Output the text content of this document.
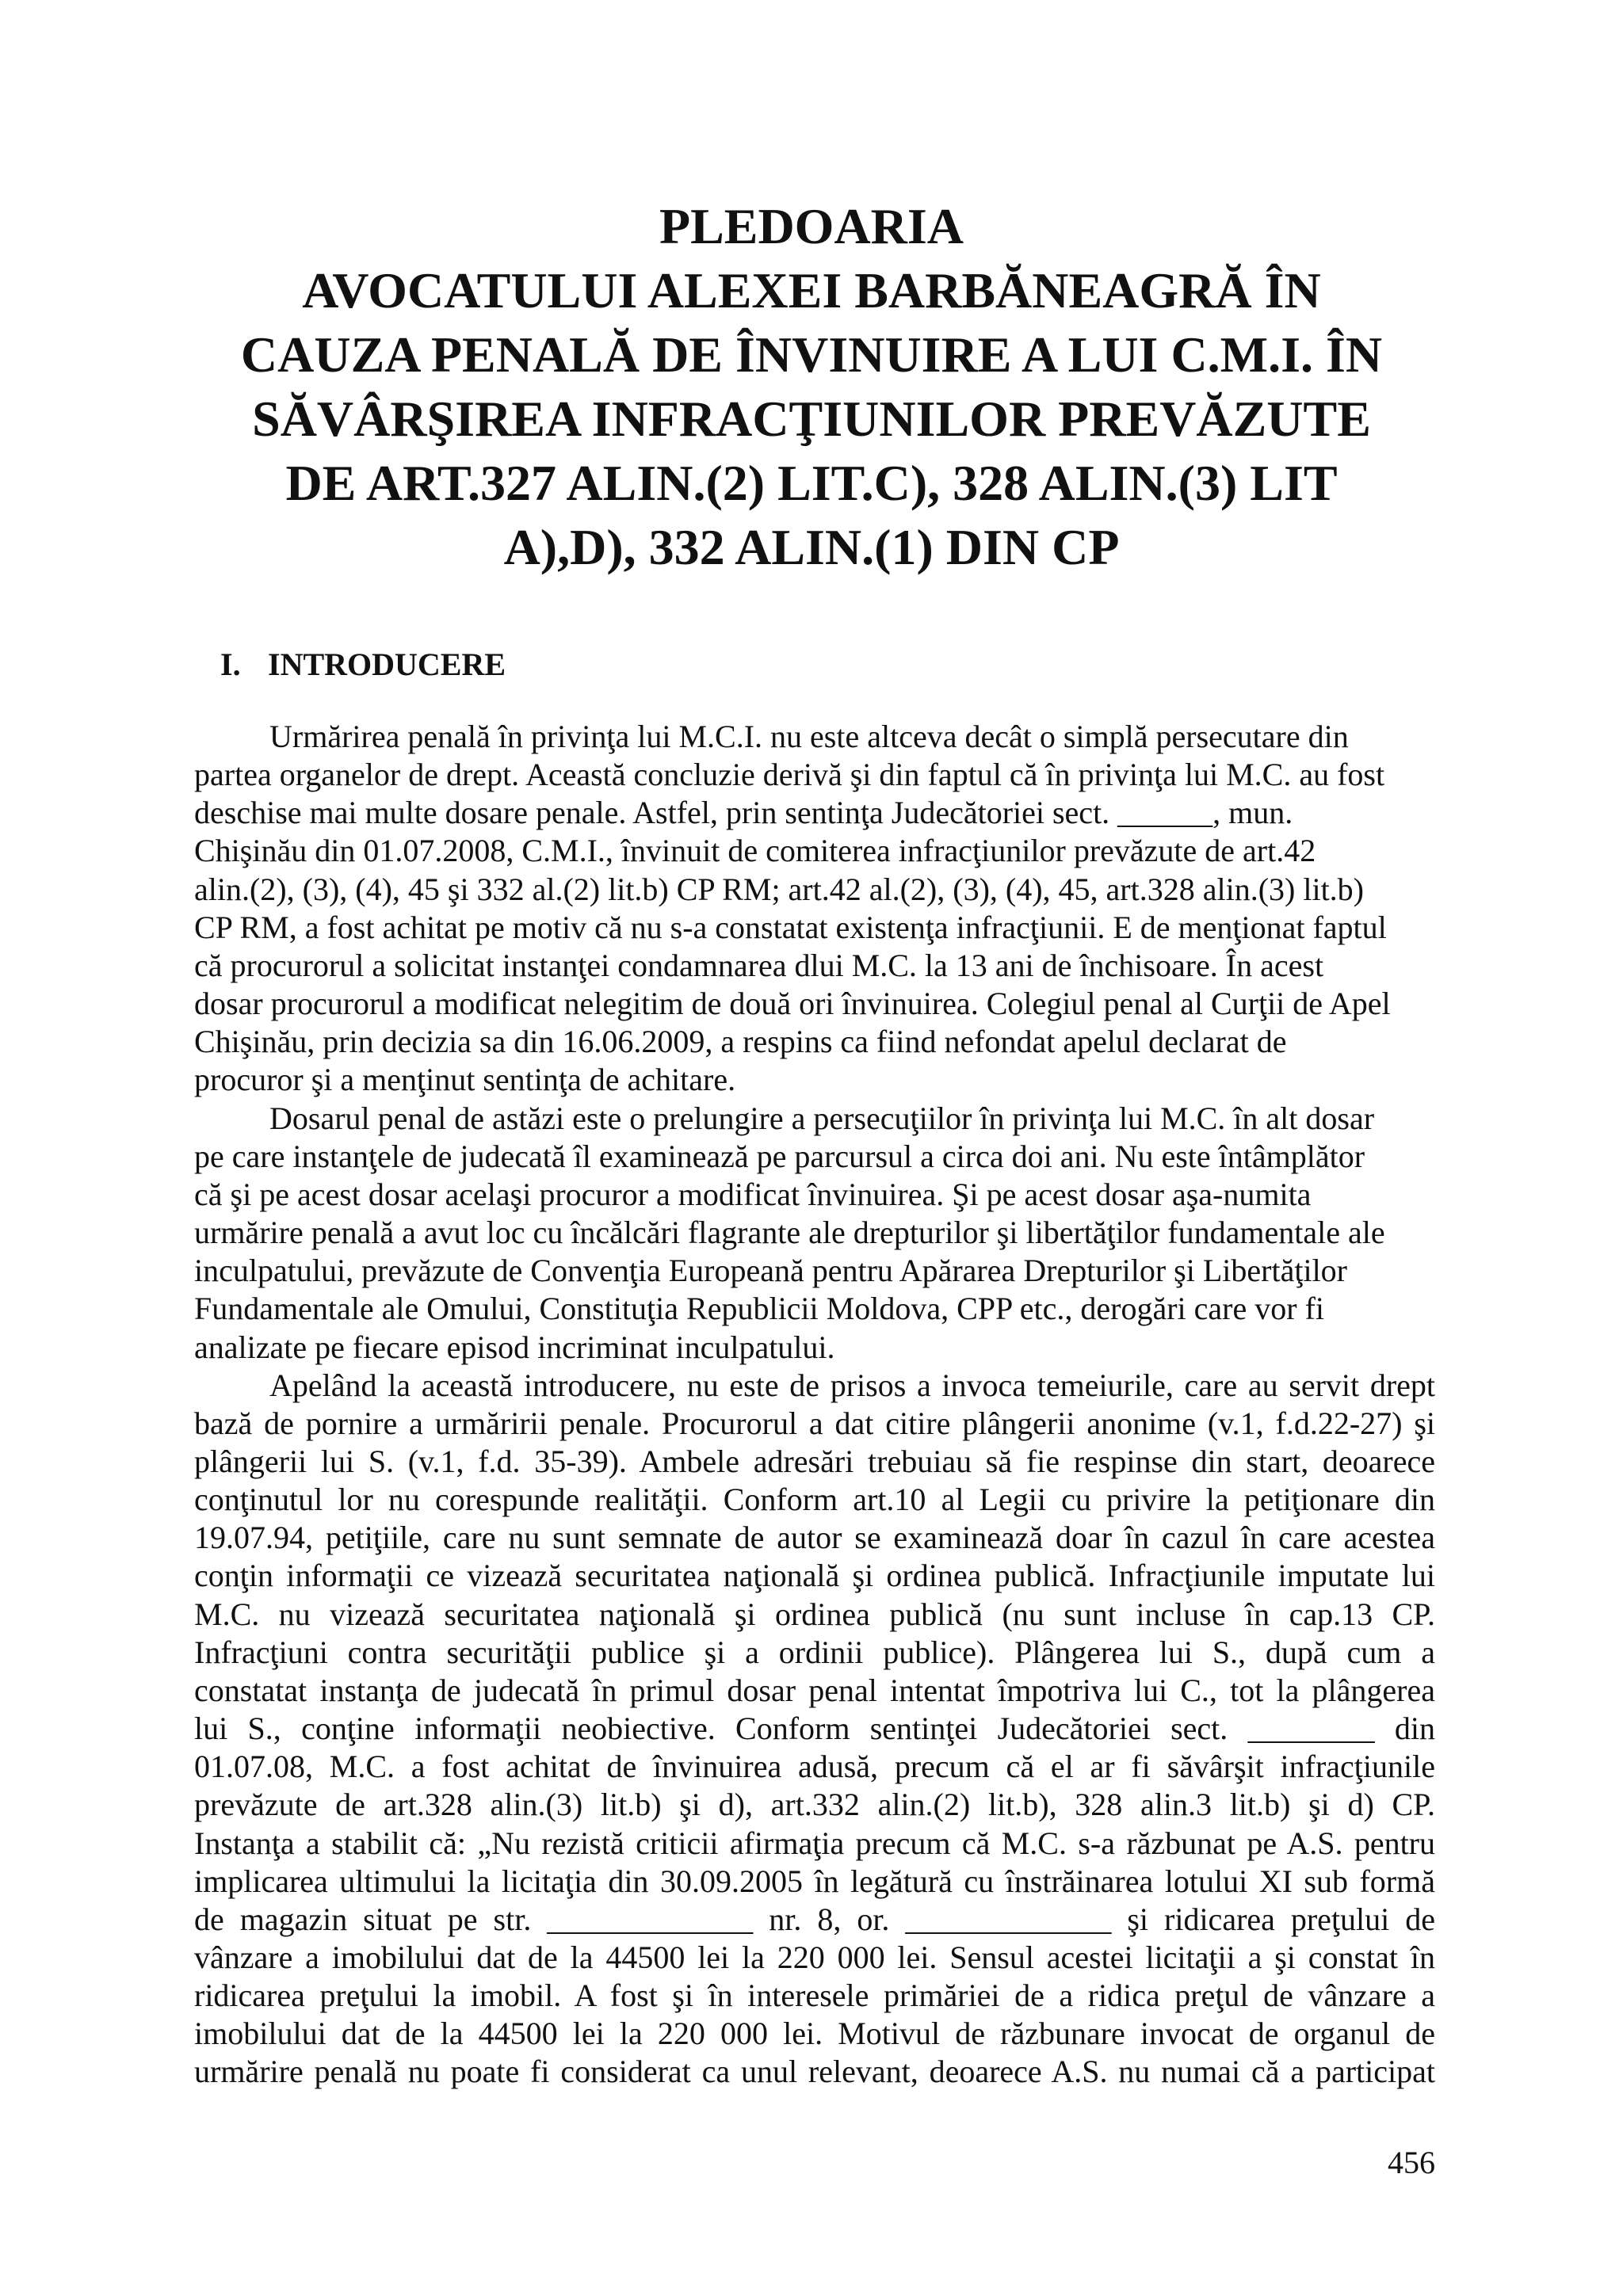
PLEDOARIA
AVOCATULUI ALEXEI BARBĂNEAGRĂ ÎN
CAUZA PENALĂ DE ÎNVINUIRE A LUI C.M.I. ÎN
SĂVÂRŞIREA INFRACŢIUNILOR PREVĂZUTE
DE ART.327 ALIN.(2) LIT.C), 328 ALIN.(3) LIT
A),D), 332 ALIN.(1) DIN CP
I. INTRODUCERE

Urmărirea penală în privinţa lui M.C.I. nu este altceva decât o simplă persecutare din
partea organelor de drept. Această concluzie derivă şi din faptul că în privinţa lui M.C. au fost
deschise mai multe dosare penale. Astfel, prin sentinţa Judecătoriei sect. ______, mun.
Chişinău din 01.07.2008, C.M.I., învinuit de comiterea infracţiunilor prevăzute de art.42
alin.(2), (3), (4), 45 şi 332 al.(2) lit.b) CP RM; art.42 al.(2), (3), (4), 45, art.328 alin.(3) lit.b)
CP RM, a fost achitat pe motiv că nu s-a constatat existenţa infracţiunii. E de menţionat faptul
că procurorul a solicitat instanţei condamnarea dlui M.C. la 13 ani de închisoare. În acest
dosar procurorul a modificat nelegitim de două ori învinuirea. Colegiul penal al Curţii de Apel
Chişinău, prin decizia sa din 16.06.2009, a respins ca fiind nefondat apelul declarat de
procuror şi a menţinut sentinţa de achitare.

Dosarul penal de astăzi este o prelungire a persecuţiilor în privinţa lui M.C. în alt dosar
pe care instanţele de judecată îl examinează pe parcursul a circa doi ani. Nu este întâmplător
că şi pe acest dosar acelaşi procuror a modificat învinuirea. Şi pe acest dosar aşa-numita
urmărire penală a avut loc cu încălcări flagrante ale drepturilor şi libertăţilor fundamentale ale
inculpatului, prevăzute de Convenţia Europeană pentru Apărarea Drepturilor şi Libertăţilor
Fundamentale ale Omului, Constituţia Republicii Moldova, CPP etc., derogări care vor fi
analizate pe fiecare episod incriminat inculpatului.

Apelând la această introducere, nu este de prisos a invoca temeiurile, care au servit drept
bază de pornire a urmăririi penale. Procurorul a dat citire plângerii anonime (v.1, f.d.22-27) şi
plângerii lui S. (v.1, f.d. 35-39). Ambele adresări trebuiau să fie respinse din start, deoarece
conţinutul lor nu corespunde realităţii. Conform art.10 al Legii cu privire la petiţionare din
19.07.94, petiţiile, care nu sunt semnate de autor se examinează doar în cazul în care acestea
conţin informaţii ce vizează securitatea naţională şi ordinea publică. Infracţiunile imputate lui
M.C. nu vizează securitatea naţională şi ordinea publică (nu sunt incluse în cap.13 CP.
Infracţiuni contra securităţii publice şi a ordinii publice). Plângerea lui S., după cum a
constatat instanţa de judecată în primul dosar penal intentat împotriva lui C., tot la plângerea
lui S., conţine informaţii neobiective. Conform sentinţei Judecătoriei sect. ________ din
01.07.08, M.C. a fost achitat de învinuirea adusă, precum că el ar fi săvârşit infracţiunile
prevăzute de art.328 alin.(3) lit.b) şi d), art.332 alin.(2) lit.b), 328 alin.3 lit.b) şi d) CP.
Instanţa a stabilit că: „Nu rezistă criticii afirmaţia precum că M.C. s-a răzbunat pe A.S. pentru
implicarea ultimului la licitaţia din 30.09.2005 în legătură cu înstrăinarea lotului XI sub formă
de magazin situat pe str. _____________ nr. 8, or. _____________ şi ridicarea preţului de
vânzare a imobilului dat de la 44500 lei la 220 000 lei. Sensul acestei licitaţii a şi constat în
ridicarea preţului la imobil. A fost şi în interesele primăriei de a ridica preţul de vânzare a
imobilului dat de la 44500 lei la 220 000 lei. Motivul de răzbunare invocat de organul de
urmărire penală nu poate fi considerat ca unul relevant, deoarece A.S. nu numai că a participat

456
